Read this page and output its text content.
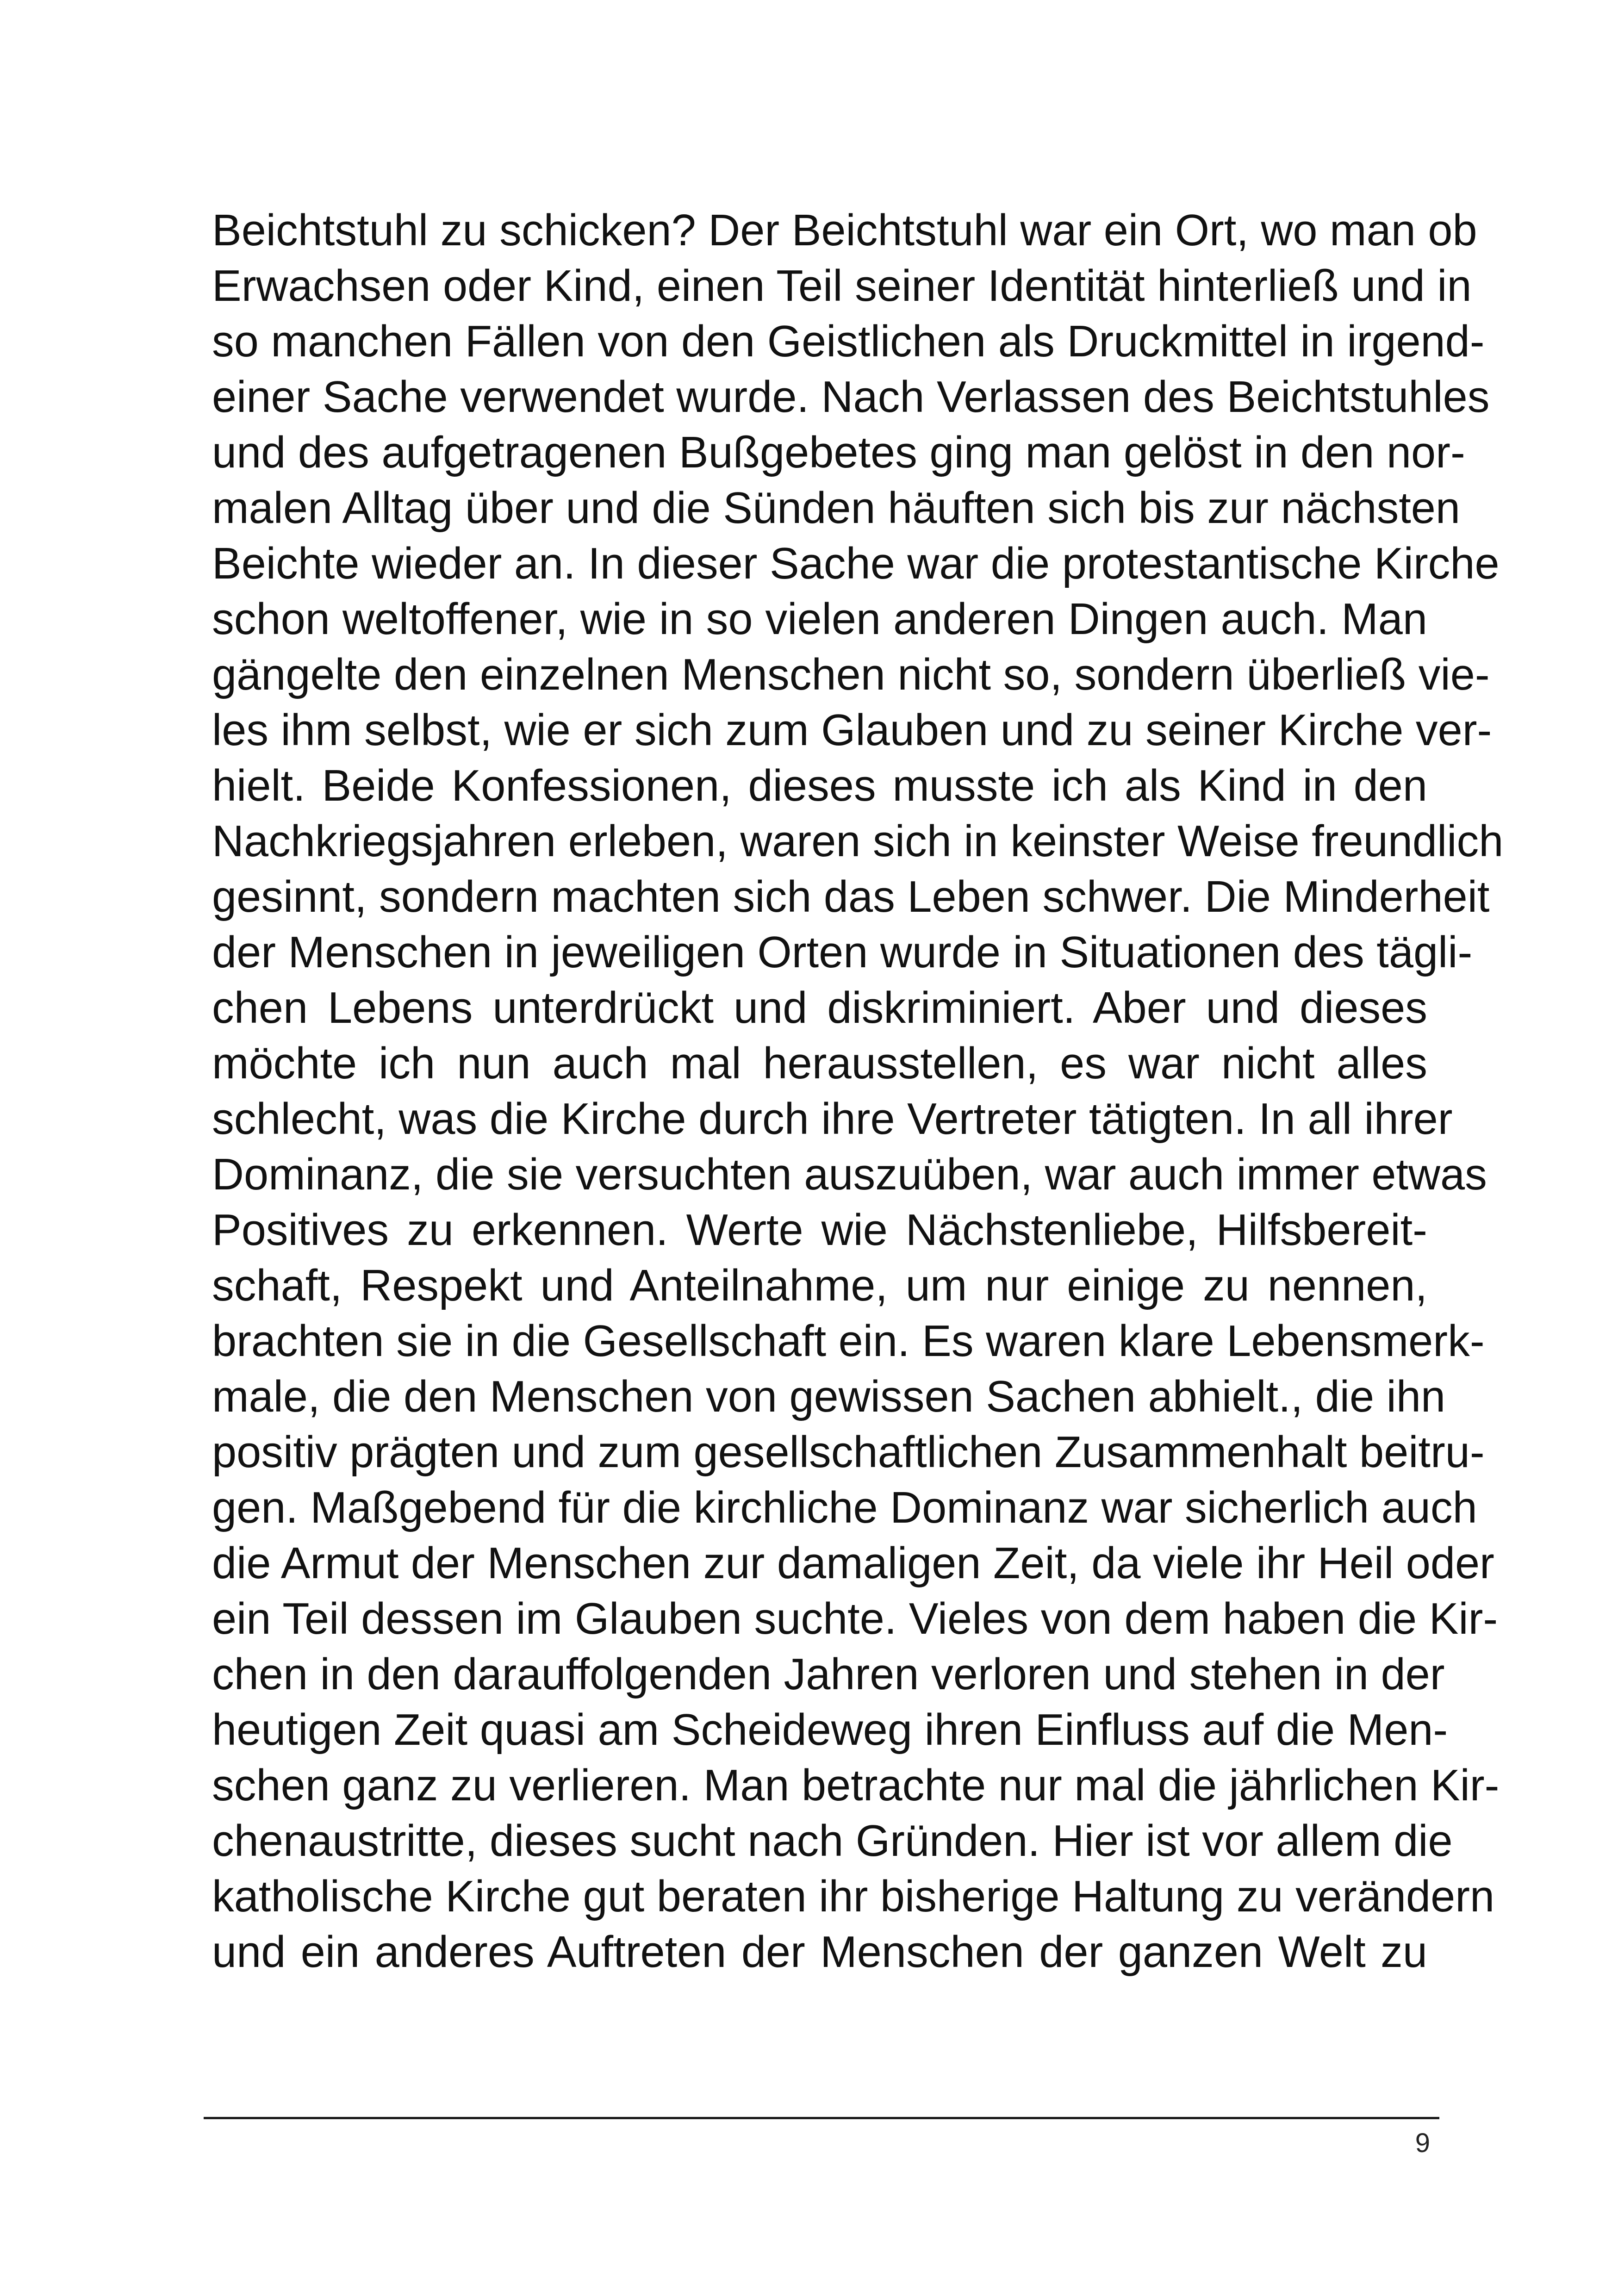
Beichtstuhl zu schicken? Der Beichtstuhl war ein Ort, wo man ob
Erwachsen oder Kind, einen Teil seiner Identität hinterließ und in
so manchen Fällen von den Geistlichen als Druckmittel in irgend-
einer Sache verwendet wurde. Nach Verlassen des Beichtstuhles
und des aufgetragenen Bußgebetes ging man gelöst in den nor-
malen Alltag über und die Sünden häuften sich bis zur nächsten
Beichte wieder an. In dieser Sache war die protestantische Kirche
schon weltoffener, wie in so vielen anderen Dingen auch. Man
gängelte den einzelnen Menschen nicht so, sondern überließ vie-
les ihm selbst, wie er sich zum Glauben und zu seiner Kirche ver-
hielt. Beide Konfessionen, dieses musste ich als Kind in den
Nachkriegsjahren erleben, waren sich in keinster Weise freundlich
gesinnt, sondern machten sich das Leben schwer. Die Minderheit
der Menschen in jeweiligen Orten wurde in Situationen des tägli-
chen Lebens unterdrückt und diskriminiert. Aber und dieses
möchte ich nun auch mal herausstellen, es war nicht alles
schlecht, was die Kirche durch ihre Vertreter tätigten. In all ihrer
Dominanz, die sie versuchten auszuüben, war auch immer etwas
Positives zu erkennen. Werte wie Nächstenliebe, Hilfsbereit-
schaft, Respekt und Anteilnahme, um nur einige zu nennen,
brachten sie in die Gesellschaft ein. Es waren klare Lebensmerk-
male, die den Menschen von gewissen Sachen abhielt., die ihn
positiv prägten und zum gesellschaftlichen Zusammenhalt beitru-
gen. Maßgebend für die kirchliche Dominanz war sicherlich auch
die Armut der Menschen zur damaligen Zeit, da viele ihr Heil oder
ein Teil dessen im Glauben suchte. Vieles von dem haben die Kir-
chen in den darauffolgenden Jahren verloren und stehen in der
heutigen Zeit quasi am Scheideweg ihren Einfluss auf die Men-
schen ganz zu verlieren. Man betrachte nur mal die jährlichen Kir-
chenaustritte, dieses sucht nach Gründen. Hier ist vor allem die
katholische Kirche gut beraten ihr bisherige Haltung zu verändern
und ein anderes Auftreten der Menschen der ganzen Welt zu
9
